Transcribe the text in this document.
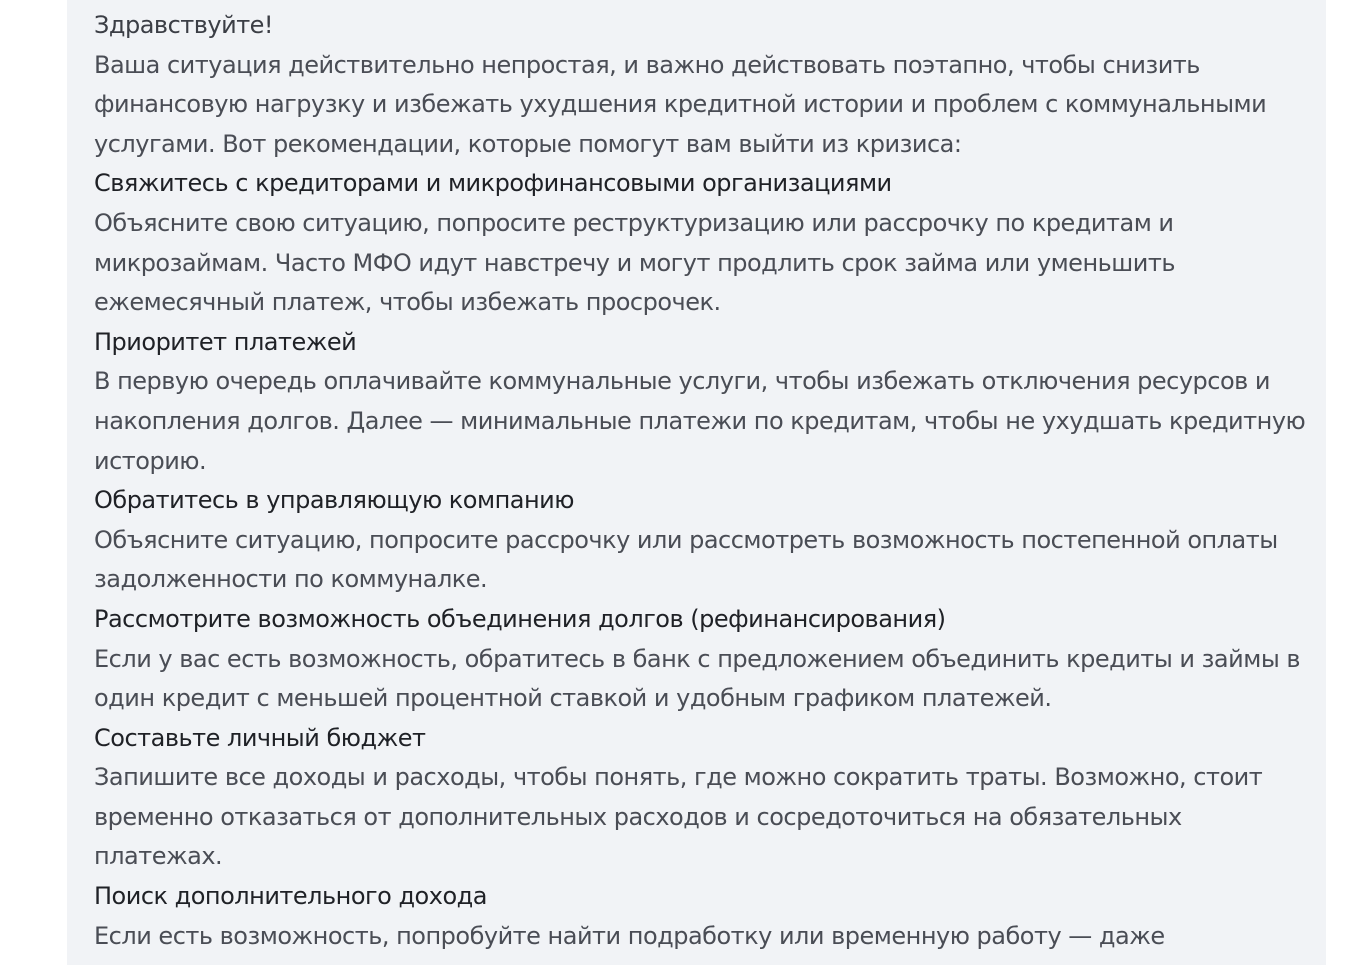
Здравствуйте!

Ваша ситуация действительно непростая, и важно действовать поэтапно, чтобы снизить финансовую нагрузку и избежать ухудшения кредитной истории и проблем с коммунальными услугами. Вот рекомендации, которые помогут вам выйти из кризиса:

Свяжитесь с кредиторами и микрофинансовыми организациями

Объясните свою ситуацию, попросите реструктуризацию или рассрочку по кредитам и микрозаймам. Часто МФО идут навстречу и могут продлить срок займа или уменьшить ежемесячный платеж, чтобы избежать просрочек.

Приоритет платежей

В первую очередь оплачивайте коммунальные услуги, чтобы избежать отключения ресурсов и накопления долгов. Далее — минимальные платежи по кредитам, чтобы не ухудшать кредитную историю.

Обратитесь в управляющую компанию

Объясните ситуацию, попросите рассрочку или рассмотреть возможность постепенной оплаты задолженности по коммуналке.

Рассмотрите возможность объединения долгов (рефинансирования)

Если у вас есть возможность, обратитесь в банк с предложением объединить кредиты и займы в один кредит с меньшей процентной ставкой и удобным графиком платежей.

Составьте личный бюджет

Запишите все доходы и расходы, чтобы понять, где можно сократить траты. Возможно, стоит временно отказаться от дополнительных расходов и сосредоточиться на обязательных платежах.

Поиск дополнительного дохода

Если есть возможность, попробуйте найти подработку или временную работу — даже
